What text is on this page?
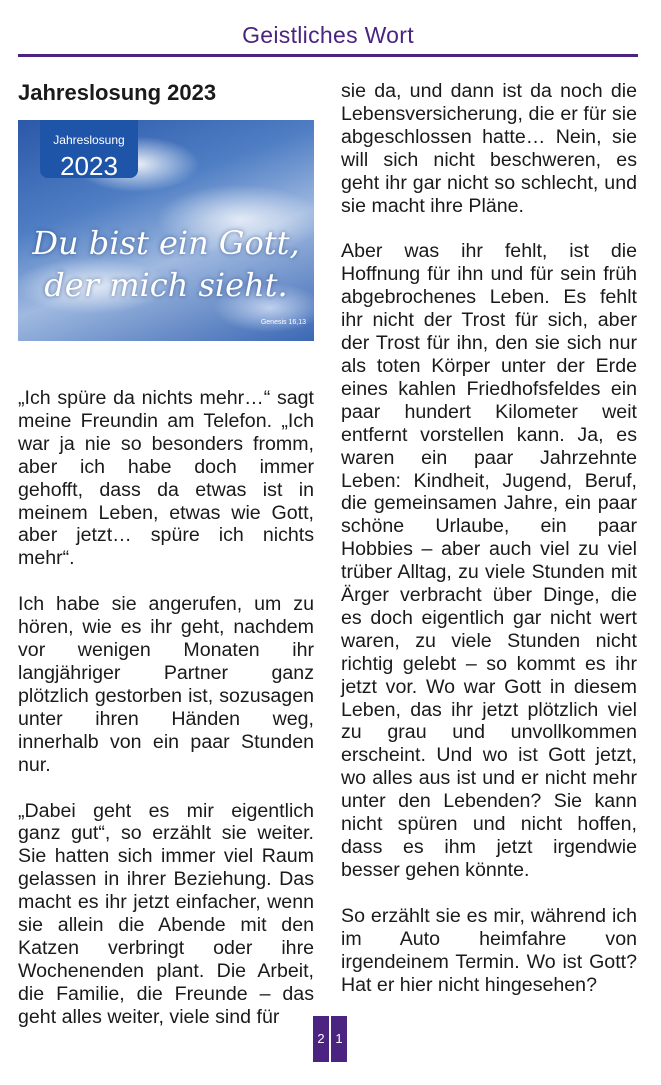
Geistliches Wort
Jahreslosung 2023
Jahreslosung
2023
Du bist ein Gott,
der mich sieht.
Genesis 16,13

„Ich spüre da nichts mehr…“ sagt meine Freundin am Telefon. „Ich war ja nie so besonders fromm, aber ich habe doch immer gehofft, dass da etwas ist in meinem Leben, etwas wie Gott, aber jetzt… spüre ich nichts mehr“.

Ich habe sie angerufen, um zu hören, wie es ihr geht, nachdem vor wenigen Monaten ihr langjähriger Partner ganz plötzlich gestorben ist, sozusagen unter ihren Händen weg, innerhalb von ein paar Stunden nur.

„Dabei geht es mir eigentlich ganz gut“, so erzählt sie weiter. Sie hatten sich immer viel Raum gelassen in ihrer Beziehung. Das macht es ihr jetzt einfacher, wenn sie allein die Abende mit den Katzen verbringt oder ihre Wochenenden plant. Die Arbeit, die Familie, die Freunde – das geht alles weiter, viele sind für

sie da, und dann ist da noch die Lebensversicherung, die er für sie abgeschlossen hatte… Nein, sie will sich nicht beschweren, es geht ihr gar nicht so schlecht, und sie macht ihre Pläne.

Aber was ihr fehlt, ist die Hoffnung für ihn und für sein früh abgebrochenes Leben. Es fehlt ihr nicht der Trost für sich, aber der Trost für ihn, den sie sich nur als toten Körper unter der Erde eines kahlen Friedhofsfeldes ein paar hundert Kilometer weit entfernt vorstellen kann. Ja, es waren ein paar Jahrzehnte Leben: Kindheit, Jugend, Beruf, die gemeinsamen Jahre, ein paar schöne Urlaube, ein paar Hobbies – aber auch viel zu viel trüber Alltag, zu viele Stunden mit Ärger verbracht über Dinge, die es doch eigentlich gar nicht wert waren, zu viele Stunden nicht richtig gelebt – so kommt es ihr jetzt vor. Wo war Gott in diesem Leben, das ihr jetzt plötzlich viel zu grau und unvollkommen erscheint. Und wo ist Gott jetzt, wo alles aus ist und er nicht mehr unter den Lebenden? Sie kann nicht spüren und nicht hoffen, dass es ihm jetzt irgendwie besser gehen könnte.

So erzählt sie es mir, während ich im Auto heimfahre von irgendeinem Termin. Wo ist Gott? Hat er hier nicht hingesehen?

2 1
